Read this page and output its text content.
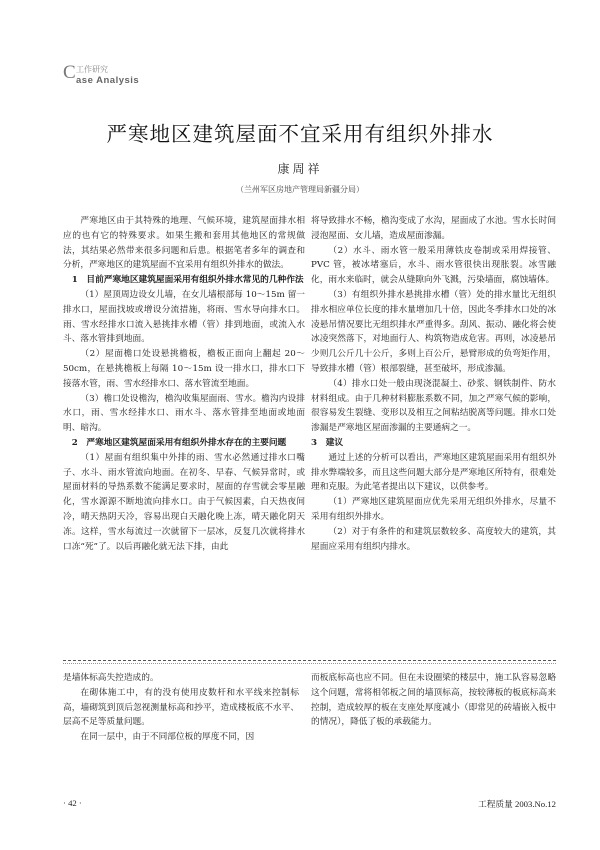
C 工作研究
ase Analysis
严寒地区建筑屋面不宜采用有组织外排水
康周祥
（兰州军区房地产管理局新疆分局）

严寒地区由于其特殊的地理、气候环境，建筑屋面排水相应的也有它的特殊要求。如果生搬和套用其他地区的常规做法，其结果必然带来很多问题和后患。根据笔者多年的调查和分析，严寒地区的建筑屋面不宜采用有组织外排水的做法。

1　目前严寒地区建筑屋面采用有组织外排水常见的几种作法

（1）屋顶周边设女儿墙，在女儿墙根部每 10～15m 留一排水口，屋面找坡或增设分流措施，将雨、雪水导向排水口。雨、雪水经排水口流入悬挑排水槽（管）排到地面，或流入水斗、落水管排到地面。

（2）屋面檐口处设悬挑檐板，檐板正面向上翻起 20～50cm，在悬挑檐板上每隔 10～15m 设一排水口，排水口下接落水管，雨、雪水经排水口、落水管流至地面。

（3）檐口处设檐沟，檐沟收集屋面雨、雪水。檐沟内设排水口，雨、雪水经排水口、雨水斗、落水管排至地面或地面明、暗沟。

2　严寒地区建筑屋面采用有组织外排水存在的主要问题

（1）屋面有组织集中外排的雨、雪水必然通过排水口嘴子、水斗、雨水管流向地面。在初冬、早春、气候异常时，或屋面材料的导热系数不能满足要求时，屋面的存雪就会零星融化，雪水源源不断地流向排水口。由于气候因素，白天热夜间冷，晴天热阴天冷，容易出现白天融化晚上冻，晴天融化阴天冻。这样，雪水每流过一次就留下一层冰，反复几次就将排水口冻“死”了。以后再融化就无法下排，由此

将导致排水不畅，檐沟变成了水沟，屋面成了水池。雪水长时间浸泡屋面、女儿墙，造成屋面渗漏。

（2）水斗、雨水管一般采用薄铁皮卷制或采用焊接管、PVC 管，被冰堵塞后，水斗、雨水管很快出现胀裂。冰雪融化，雨水来临时，就会从缝隙向外飞溅，污染墙面，腐蚀墙体。

（3）有组织外排水悬挑排水槽（管）处的排水量比无组织排水相应单位长度的排水量增加几十倍，因此冬季排水口处的冰凌悬吊情况要比无组织排水严重得多。刮风、振动、融化将会使冰凌突然落下，对地面行人、构筑物造成危害。再则，冰凌悬吊少则几公斤几十公斤，多则上百公斤，悬臂形成的负弯矩作用，导致排水槽（管）根部裂缝，甚至破坏，形成渗漏。

（4）排水口处一般由现浇混凝土、砂浆、钢铁制件、防水材料组成。由于几种材料膨胀系数不同，加之严寒气候的影响，很容易发生裂缝、变形以及相互之间粘结脱离等问题。排水口处渗漏是严寒地区屋面渗漏的主要通病之一。

3　建议

通过上述的分析可以看出，严寒地区建筑屋面采用有组织外排水弊端较多，而且这些问题大部分是严寒地区所特有，很难处理和克服。为此笔者提出以下建议，以供参考。

（1）严寒地区建筑屋面应优先采用无组织外排水，尽量不采用有组织外排水。

（2）对于有条件的和建筑层数较多、高度较大的建筑，其屋面应采用有组织内排水。

是墙体标高失控造成的。

在砌体施工中，有的没有使用皮数杆和水平线来控制标高，墙砌筑到顶后忽视测量标高和抄平，造成楼板底不水平、层高不足等质量问题。

在同一层中，由于不同部位板的厚度不同，因

而板底标高也应不同。但在未设圈梁的楼层中，施工队容易忽略这个问题，常将相邻板之间的墙顶标高，按较薄板的板底标高来控制，造成较厚的板在支座处厚度减小（即常见的砖墙嵌入板中的情况），降低了板的承载能力。

· 42 ·	工程质量 2003.No.12
